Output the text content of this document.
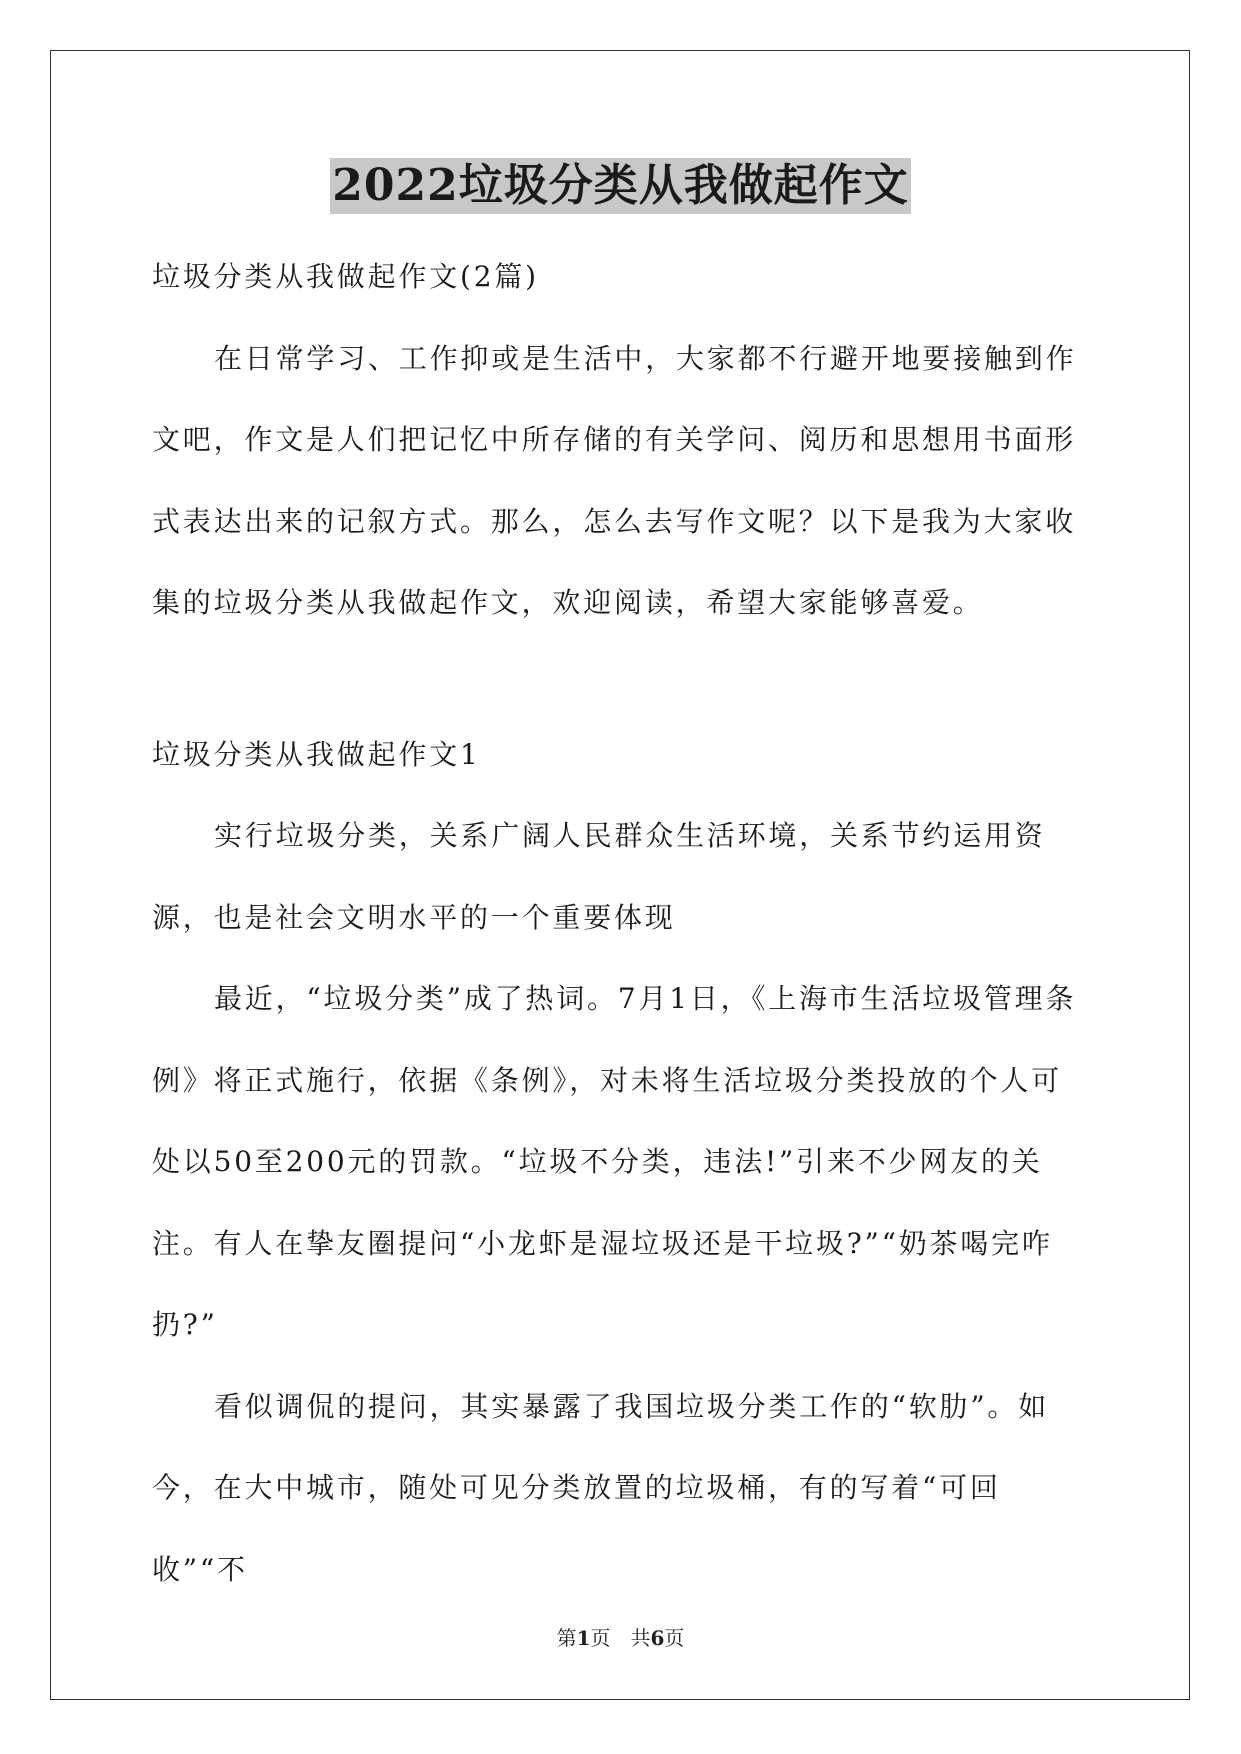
2022垃圾分类从我做起作文

垃圾分类从我做起作文(2篇)

在日常学习、工作抑或是生活中，大家都不行避开地要接触到作文吧，作文是人们把记忆中所存储的有关学问、阅历和思想用书面形式表达出来的记叙方式。那么，怎么去写作文呢？以下是我为大家收集的垃圾分类从我做起作文，欢迎阅读，希望大家能够喜爱。

垃圾分类从我做起作文1

实行垃圾分类，关系广阔人民群众生活环境，关系节约运用资源，也是社会文明水平的一个重要体现

最近，“垃圾分类”成了热词。7月1日，《上海市生活垃圾管理条例》将正式施行，依据《条例》，对未将生活垃圾分类投放的个人可处以50至200元的罚款。“垃圾不分类，违法!”引来不少网友的关注。有人在挚友圈提问“小龙虾是湿垃圾还是干垃圾?”“奶茶喝完咋扔?”

看似调侃的提问，其实暴露了我国垃圾分类工作的“软肋”。如今，在大中城市，随处可见分类放置的垃圾桶，有的写着“可回收”“不

第1页　共6页
